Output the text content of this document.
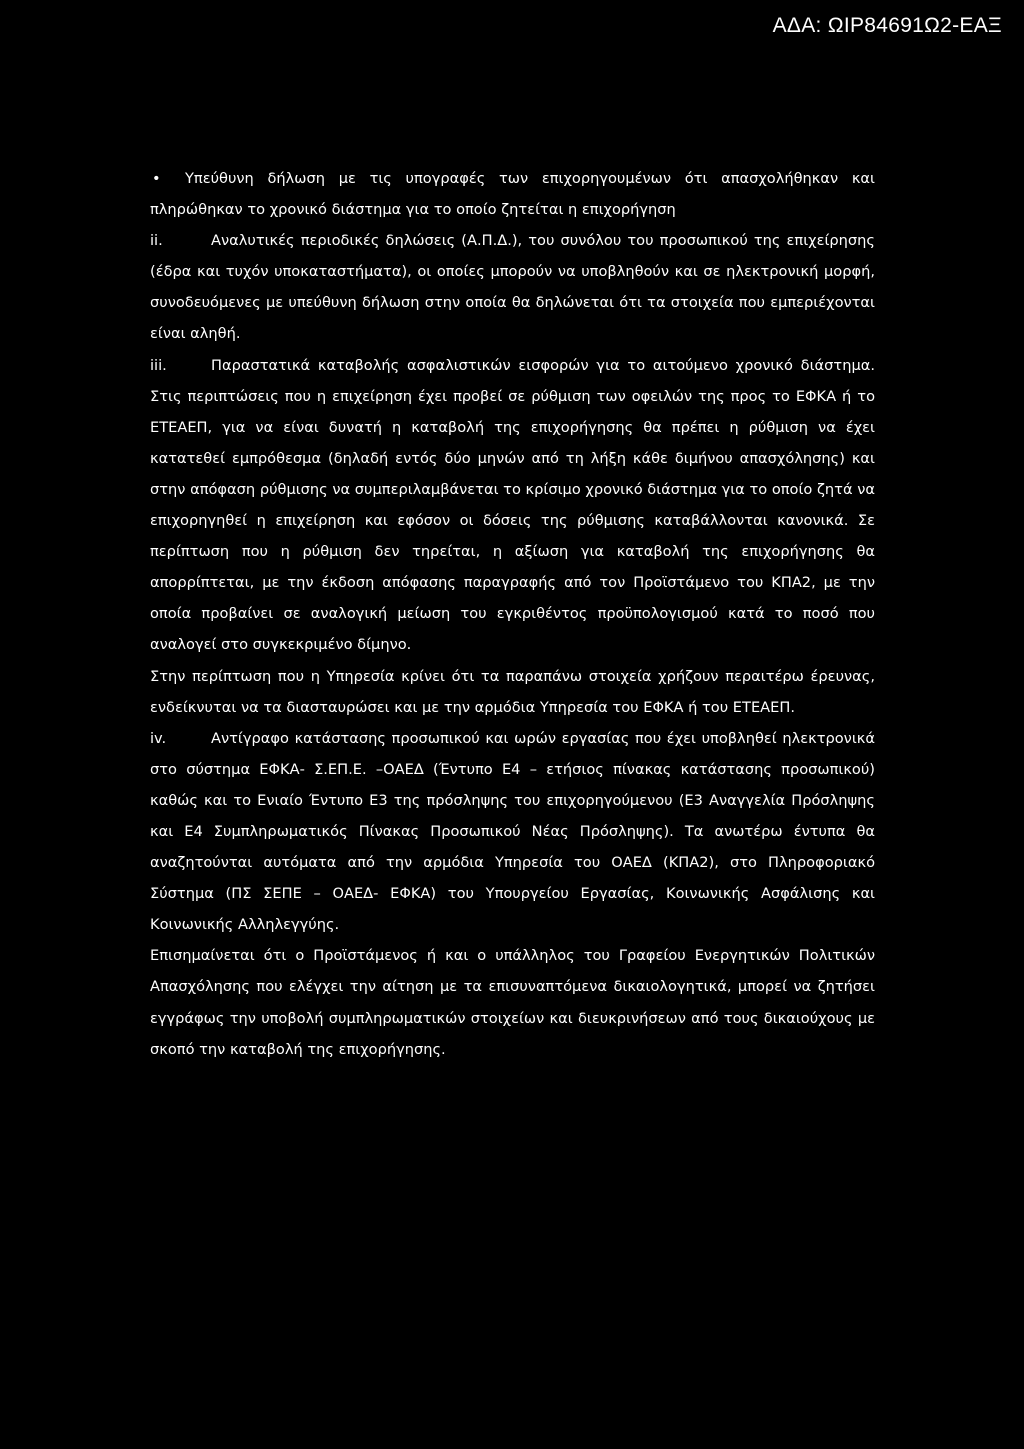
ΑΔΑ: ΩΙΡ84691Ω2-ΕΑΞ

• Υπεύθυνη δήλωση με τις υπογραφές των επιχορηγουμένων ότι απασχολήθηκαν και πληρώθηκαν το χρονικό διάστημα για το οποίο ζητείται η επιχορήγηση

ii.	Αναλυτικές περιοδικές δηλώσεις (Α.Π.Δ.), του συνόλου του προσωπικού της επιχείρησης (έδρα και τυχόν υποκαταστήματα), οι οποίες μπορούν να υποβληθούν και σε ηλεκτρονική μορφή, συνοδευόμενες με υπεύθυνη δήλωση στην οποία θα δηλώνεται ότι τα στοιχεία που εμπεριέχονται είναι αληθή.

iii.	Παραστατικά καταβολής ασφαλιστικών εισφορών για το αιτούμενο χρονικό διάστημα. Στις περιπτώσεις που η επιχείρηση έχει προβεί σε ρύθμιση των οφειλών της προς το ΕΦΚΑ ή το ΕΤΕΑΕΠ, για να είναι δυνατή η καταβολή της επιχορήγησης θα πρέπει η ρύθμιση να έχει κατατεθεί εμπρόθεσμα (δηλαδή εντός δύο μηνών από τη λήξη κάθε διμήνου απασχόλησης) και στην απόφαση ρύθμισης να συμπεριλαμβάνεται το κρίσιμο χρονικό διάστημα για το οποίο ζητά να επιχορηγηθεί η επιχείρηση και εφόσον οι δόσεις της ρύθμισης καταβάλλονται κανονικά. Σε περίπτωση που η ρύθμιση δεν τηρείται, η αξίωση για καταβολή της επιχορήγησης θα απορρίπτεται, με την έκδοση απόφασης παραγραφής από τον Προϊστάμενο του ΚΠΑ2, με την οποία προβαίνει σε αναλογική μείωση του εγκριθέντος προϋπολογισμού κατά το ποσό που αναλογεί στο συγκεκριμένο δίμηνο.

Στην περίπτωση που η Υπηρεσία κρίνει ότι τα παραπάνω στοιχεία χρήζουν περαιτέρω έρευνας, ενδείκνυται να τα διασταυρώσει και με την αρμόδια Υπηρεσία του ΕΦΚΑ ή του ΕΤΕΑΕΠ.

iv.	Αντίγραφο κατάστασης προσωπικού και ωρών εργασίας που έχει υποβληθεί ηλεκτρονικά στο σύστημα ΕΦΚΑ- Σ.ΕΠ.Ε. –ΟΑΕΔ (Έντυπο Ε4 – ετήσιος πίνακας κατάστασης προσωπικού) καθώς και το Ενιαίο Έντυπο Ε3 της πρόσληψης του επιχορηγούμενου (Ε3 Αναγγελία Πρόσληψης και Ε4 Συμπληρωματικός Πίνακας Προσωπικού Νέας Πρόσληψης). Τα ανωτέρω έντυπα θα αναζητούνται αυτόματα από την αρμόδια Υπηρεσία του ΟΑΕΔ (ΚΠΑ2), στο Πληροφοριακό Σύστημα (ΠΣ ΣΕΠΕ – ΟΑΕΔ- ΕΦΚΑ) του Υπουργείου Εργασίας, Κοινωνικής Ασφάλισης και Κοινωνικής Αλληλεγγύης.

Επισημαίνεται ότι ο Προϊστάμενος ή και ο υπάλληλος του Γραφείου Ενεργητικών Πολιτικών Απασχόλησης που ελέγχει την αίτηση με τα επισυναπτόμενα δικαιολογητικά, μπορεί να ζητήσει εγγράφως την υποβολή συμπληρωματικών στοιχείων και διευκρινήσεων από τους δικαιούχους με σκοπό την καταβολή της επιχορήγησης.
